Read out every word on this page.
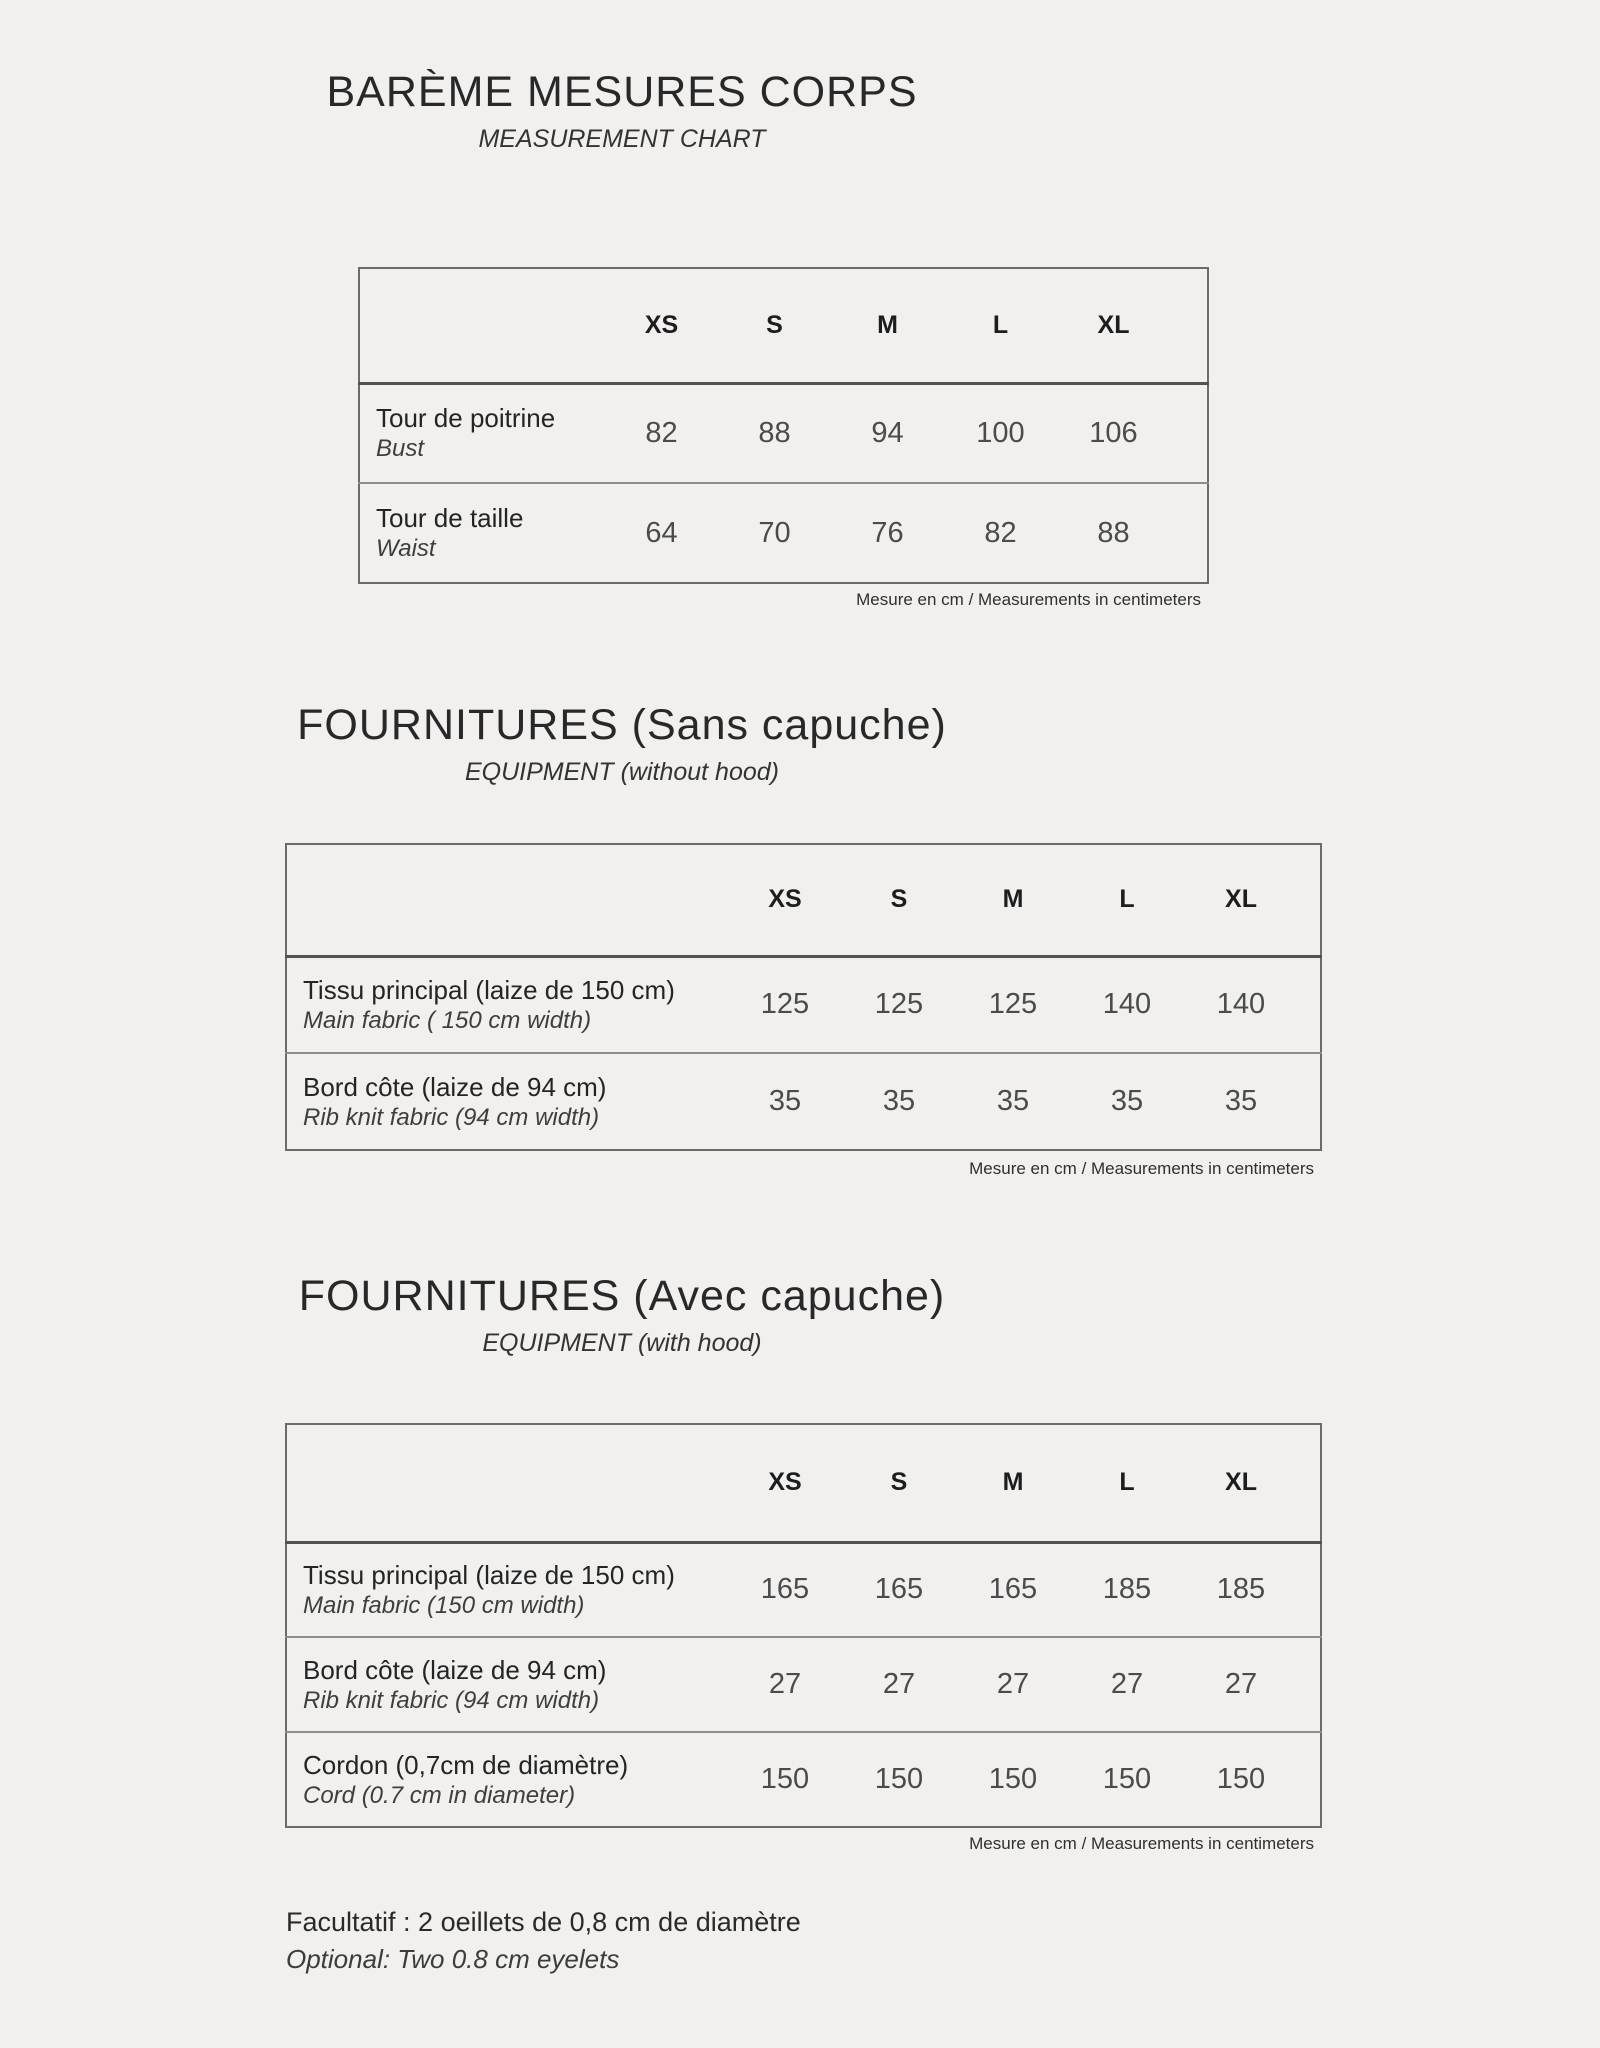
BARÈME MESURES CORPS
MEASUREMENT CHART
	XS	S	M	L	XL	

Tour de poitrine
Bust	82	88	94	100	106	

Tour de taille
Waist	64	70	76	82	88	
Mesure en cm / Measurements in centimeters
FOURNITURES (Sans capuche)
EQUIPMENT (without hood)
	XS	S	M	L	XL	

Tissu principal (laize de 150 cm)
Main fabric ( 150 cm width)	125	125	125	140	140	

Bord côte (laize de 94 cm)
Rib knit fabric (94 cm width)	35	35	35	35	35	
Mesure en cm / Measurements in centimeters
FOURNITURES (Avec capuche)
EQUIPMENT (with hood)
	XS	S	M	L	XL	

Tissu principal (laize de 150 cm)
Main fabric (150 cm width)	165	165	165	185	185	

Bord côte (laize de 94 cm)
Rib knit fabric (94 cm width)	27	27	27	27	27	

Cordon (0,7cm de diamètre)
Cord (0.7 cm in diameter)	150	150	150	150	150	
Mesure en cm / Measurements in centimeters
Facultatif : 2 oeillets de 0,8 cm de diamètre
Optional: Two 0.8 cm eyelets
